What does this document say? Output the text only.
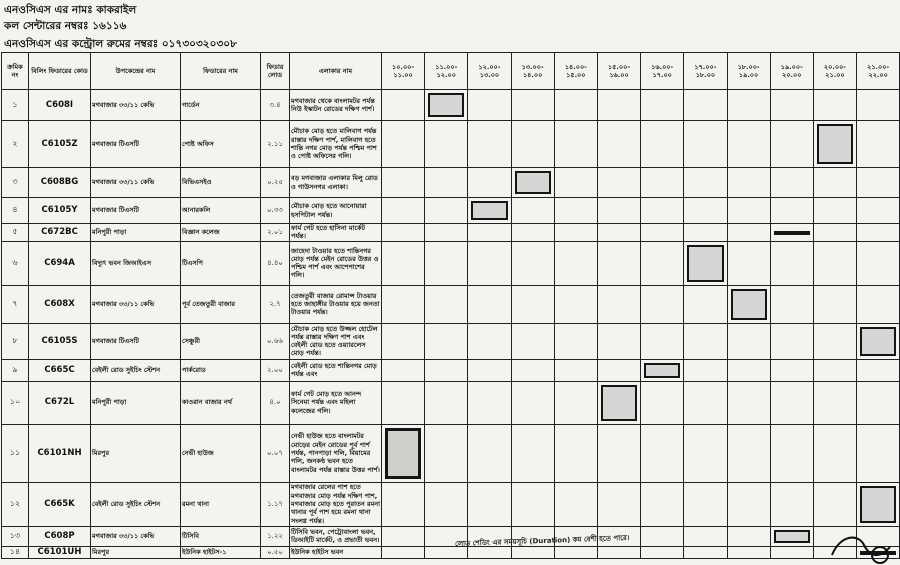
এনওসিএস এর নামঃ কাকরাইল
কল সেন্টারের নম্বরঃ ১৬১১৬
এনওসিএস এর কন্ট্রোল রুমের নম্বরঃ ০১৭৩০৩২০৩০৮
ক্রমিক নং	বিলিং ফিডারের কোড	উপকেন্দ্রের নাম	ফিডারের নাম	ফিডার লোড	এলাকার নাম	১০.০০- ১১.০০	১১.০০- ১২.০০	১২.০০- ১৩.০০	১৩.০০- ১৪.০০	১৪.০০- ১৫.০০	১৫.০০- ১৬.০০	১৬.০০- ১৭.০০	১৭.০০- ১৮.০০	১৮.০০- ১৯.০০	১৯.০০- ২০.০০	২০.০০- ২১.০০	২১.০০- ২২.০০
১	C608I	মগবাজার ৩৩/১১ কেভি	গার্ডেন	৩.৪	মগবাজার থেকে বাংলামটর পর্যন্ত নিউ ইস্কাটন রোডের দক্ষিণ পার্শ।		

২	C6105Z	মগবাজার টিএসটি	পোষ্ট অফিস	২.১১	মৌচাক মোড় হতে মালিবাগ পর্যন্ত রাস্তার দক্ষিণ পার্শ, মালিবাগ হতে শান্তি নগর মোড় পর্যন্ত পশ্চিম পাশ ও পোষ্ট অফিসের গলি।											

৩	C608BG	মগবাজার ৩৩/১১ কেভি	বিভিএসইও	০.২৫	বড় মগবাজার এলাকার মিলু রোড ও গাউসনগর এলাকা।				

৪	C6105Y	মগবাজার টিএসটি	আনারকলি	০.৩৩	মৌচাক মোড় হতে আনোয়ারা হসপিটাল পর্যন্ত।			

৫	C672BC	মনিপুরী পাড়া	বিজ্ঞান কলেজ	২.০১	ফার্ম গেট হতে হাসিনা মার্কেট পর্যন্ত।										

৬	C694A	বিদ্যুৎ ভবন জিআইএস	টিএসপি	৪.৪০	জাহেদা টাওয়ার হতে শান্তিনগর মোড় পর্যন্ত মেইন রোডের উত্তর ও পশ্চিম পার্শ এবং আশেপাশের গলি।								

৭	C608X	মগবাজার ৩৩/১১ কেভি	পূর্ব তেজতুরী বাজার	২.৭	তেজতুরী বাজার রোমান্স টাওয়ার হতে জাহাঙ্গীর টাওয়ার হয়ে জনতা টাওয়ার পর্যন্ত।									

৮	C6105S	মগবাজার টিএসটি	সেঞ্চুরী	০.৬৬	মৌচাক মোড় হতে উজ্জল হোটেল পর্যন্ত রাস্তার দক্ষিণ পাশ এবং বেইলী রোড হতে ওয়্যারলেস মোড় পর্যন্ত।												

৯	C665C	বেইলী রোড সুইচিং স্টেশন	পার্করোড	২.০০	বেইলী রোড হতে শান্তিনগর মোড় পর্যন্ত এবং							

১০	C672L	মনিপুরী পাড়া	কাওরান বাজার নর্থ	৪.০	ফার্ম গেট মোড় হতে আনন্দ সিনেমা পর্যন্ত এবং মহিলা কলেজের গলি।						

১১	C6101NH	মিরপুর	নেভী হাউজ	০.০৭	নেভী হাউজ হতে বাংলামটর মোড়ের মেইন রোডের পূর্ব পার্শ পর্যন্ত, পানপাড়া গলি, বিয়ামের গলি, জনকন্ঠ ভবন হতে বাংলামটর পর্যন্ত রাস্তার উত্তর পার্শ।	

১২	C665K	বেইলী রোড সুইচিং স্টেশন	রমনা থানা	১.১৭	মগবাজার রেলের পাশ হতে মগবাজার মোড় পর্যন্ত দক্ষিণ পাশ, মগবাজার মোড় হতে পুরাতন রমনা থানার পূর্ব পাশ হয়ে রমনা থানা সংলগ্ন পর্যন্ত।												

১৩	C608P	মগবাজার ৩৩/১১ কেভি	টিসিবি	১.২২	টিসিবি ভবন, পেট্রোবাংলা ভবন, ডিআইটি মার্কেট, ও প্রভাতী ভবন।										

১৪	C6101UH	মিরপুর	ইউনিক হাইটস-১	০.৫০	ইউনিক হাইটস ভবন												
লোড শেডিং এর সময়সূচি (Duration) কম বেশী হতে পারে।
